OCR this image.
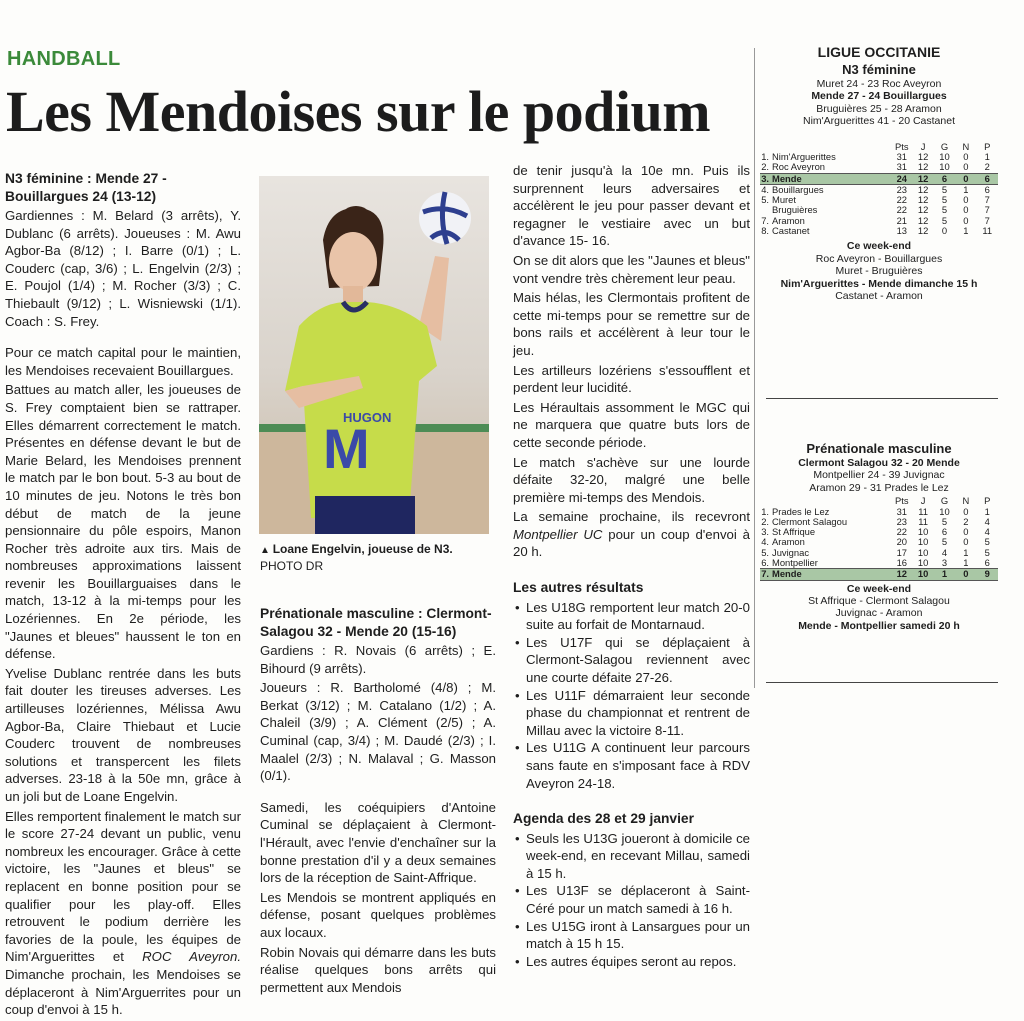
HANDBALL
Les Mendoises sur le podium

N3 féminine : Mende 27 - Bouillargues 24 (13-12)

Gardiennes : M. Belard (3 arrêts), Y. Dublanc (6 arrêts). Joueuses : M. Awu Agbor-Ba (8/12) ; I. Barre (0/1) ; L. Couderc (cap, 3/6) ; L. Engelvin (2/3) ; E. Poujol (1/4) ; M. Rocher (3/3) ; C. Thiebault (9/12) ; L. Wisniewski (1/1). Coach : S. Frey.

Pour ce match capital pour le maintien, les Mendoises recevaient Bouillargues.

Battues au match aller, les joueuses de S. Frey comptaient bien se rattraper. Elles démarrent correctement le match. Présentes en défense devant le but de Marie Belard, les Mendoises prennent le match par le bon bout. 5-3 au bout de 10 minutes de jeu. Notons le très bon début de match de la jeune pensionnaire du pôle espoirs, Manon Rocher très adroite aux tirs. Mais de nombreuses approximations laissent revenir les Bouillarguaises dans le match, 13-12 à la mi-temps pour les Lozériennes. En 2e période, les "Jaunes et bleues" haussent le ton en défense.

Yvelise Dublanc rentrée dans les buts fait douter les tireuses adverses. Les artilleuses lozériennes, Mélissa Awu Agbor-Ba, Claire Thiebaut et Lucie Couderc trouvent de nombreuses solutions et transpercent les filets adverses. 23-18 à la 50e mn, grâce à un joli but de Loane Engelvin.

Elles remportent finalement le match sur le score 27-24 devant un public, venu nombreux les encourager. Grâce à cette victoire, les "Jaunes et bleus" se replacent en bonne position pour se qualifier pour les play-off. Elles retrouvent le podium derrière les favories de la poule, les équipes de Nim'Arguerittes et ROC Aveyron. Dimanche prochain, les Mendoises se déplaceront à Nim'Arguerrites pour un coup d'envoi à 15 h.

M
HUGON
▲ Loane Engelvin, joueuse de N3.
PHOTO DR

Prénationale masculine : Clermont-Salagou 32 - Mende 20 (15-16)

Gardiens : R. Novais (6 arrêts) ; E. Bihourd (9 arrêts).

Joueurs : R. Bartholomé (4/8) ; M. Berkat (3/12) ; M. Catalano (1/2) ; A. Chaleil (3/9) ; A. Clément (2/5) ; A. Cuminal (cap, 3/4) ; M. Daudé (2/3) ; I. Maalel (2/3) ; N. Malaval ; G. Masson (0/1).

Samedi, les coéquipiers d'Antoine Cuminal se déplaçaient à Clermont-l'Hérault, avec l'envie d'enchaîner sur la bonne prestation d'il y a deux semaines lors de la réception de Saint-Affrique.

Les Mendois se montrent appliqués en défense, posant quelques problèmes aux locaux.

Robin Novais qui démarre dans les buts réalise quelques bons arrêts qui permettent aux Mendois

de tenir jusqu'à la 10e mn. Puis ils surprennent leurs adversaires et accélèrent le jeu pour passer devant et regagner le vestiaire avec un but d'avance 15- 16.

On se dit alors que les "Jaunes et bleus" vont vendre très chèrement leur peau.

Mais hélas, les Clermontais profitent de cette mi-temps pour se remettre sur de bons rails et accélèrent à leur tour le jeu.

Les artilleurs lozériens s'essoufflent et perdent leur lucidité.

Les Héraultais assomment le MGC qui ne marquera que quatre buts lors de cette seconde période.

Le match s'achève sur une lourde défaite 32-20, malgré une belle première mi-temps des Mendois.

La semaine prochaine, ils recevront Montpellier UC pour un coup d'envoi à 20 h.

Les autres résultats

• Les U18G remportent leur match 20-0 suite au forfait de Montarnaud.
• Les U17F qui se déplaçaient à Clermont-Salagou reviennent avec une courte défaite 27-26.
• Les U11F démarraient leur seconde phase du championnat et rentrent de Millau avec la victoire 8-11.
• Les U11G A continuent leur parcours sans faute en s'imposant face à RDV Aveyron 24-18.

Agenda des 28 et 29 janvier

• Seuls les U13G joueront à domicile ce week-end, en recevant Millau, samedi à 15 h.
• Les U13F se déplaceront à Saint-Céré pour un match samedi à 16 h.
• Les U15G iront à Lansargues pour un match à 15 h 15.
• Les autres équipes seront au repos.
LIGUE OCCITANIE
N3 féminine
Muret 24 - 23 Roc Aveyron
Mende 27 - 24 Bouillargues
Bruguières 25 - 28 Aramon
Nim'Arguerittes 41 - 20 Castanet
		Pts	J	G	N	P
1.	Nim'Arguerittes	31	12	10	0	1
2.	Roc Aveyron	31	12	10	0	2
3.	Mende	24	12	6	0	6
4.	Bouillargues	23	12	5	1	6
5.	Muret	22	12	5	0	7
	Bruguières	22	12	5	0	7
7.	Aramon	21	12	5	0	7
8.	Castanet	13	12	0	1	11
Ce week-end
Roc Aveyron - Bouillargues
Muret - Bruguières
Nim'Arguerittes - Mende dimanche 15 h
Castanet - Aramon
Prénationale masculine
Clermont Salagou 32 - 20 Mende
Montpellier 24 - 39 Juvignac
Aramon 29 - 31 Prades le Lez
		Pts	J	G	N	P
1.	Prades le Lez	31	11	10	0	1
2.	Clermont Salagou	23	11	5	2	4
3.	St Affrique	22	10	6	0	4
4.	Aramon	20	10	5	0	5
5.	Juvignac	17	10	4	1	5
6.	Montpellier	16	10	3	1	6
7.	Mende	12	10	1	0	9
Ce week-end
St Affrique - Clermont Salagou
Juvignac - Aramon
Mende - Montpellier samedi 20 h
